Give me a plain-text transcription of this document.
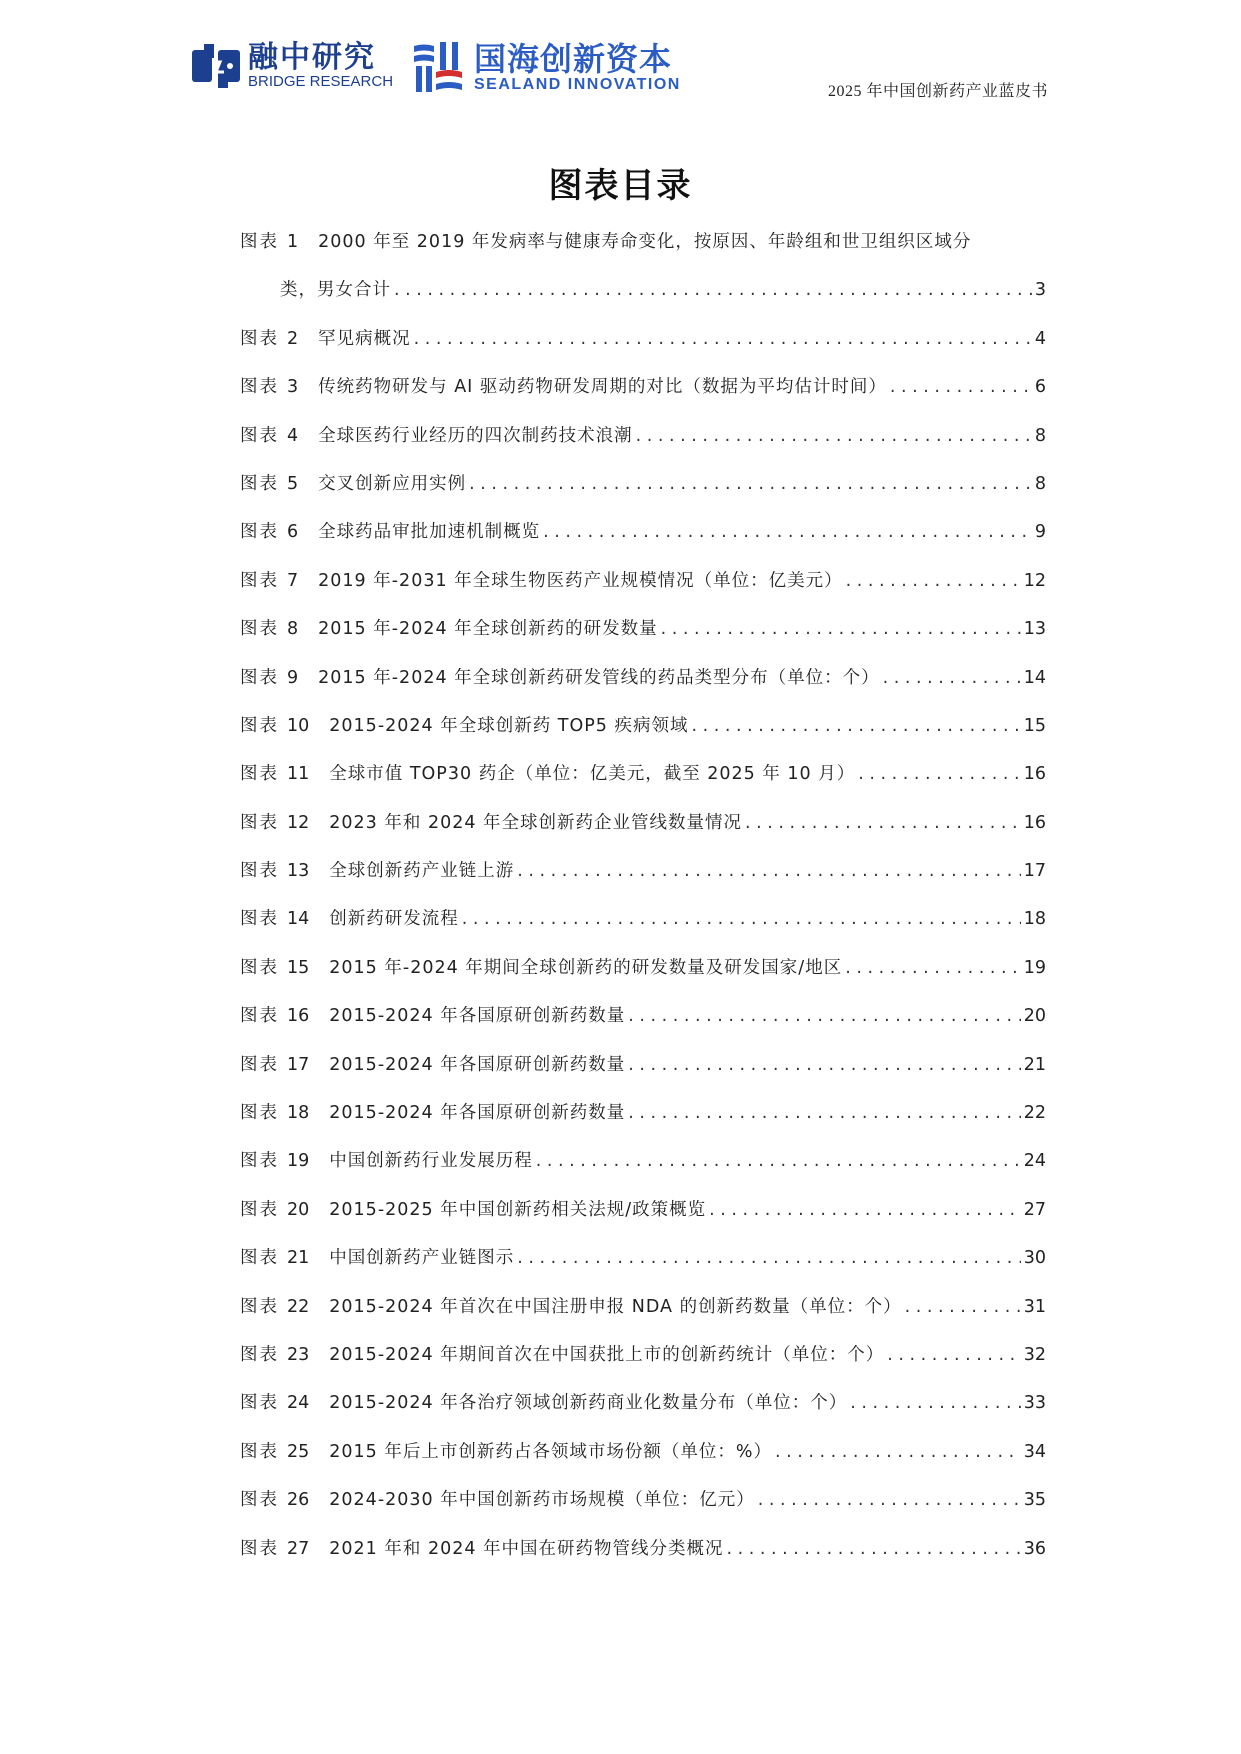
融中研究
BRIDGE RESEARCH
国海创新资本
SEALAND INNOVATION	2025 年中国创新药产业蓝皮书
图表目录
图表 1 2000 年至 2019 年发病率与健康寿命变化，按原因、年龄组和世卫组织区域分
类，男女合计 . . .	3
图表 2 罕见病概况 . . .	4
图表 3 传统药物研发与 AI 驱动药物研发周期的对比（数据为平均估计时间） . . .	6
图表 4 全球医药行业经历的四次制药技术浪潮 . . .	8
图表 5 交叉创新应用实例 . . .	8
图表 6 全球药品审批加速机制概览 . . .	9
图表 7 2019 年-2031 年全球生物医药产业规模情况（单位：亿美元） . . .	12
图表 8 2015 年-2024 年全球创新药的研发数量 . . .	13
图表 9 2015 年-2024 年全球创新药研发管线的药品类型分布（单位：个） . . .	14
图表 10 2015-2024 年全球创新药 TOP5 疾病领域 . . .	15
图表 11 全球市值 TOP30 药企（单位：亿美元，截至 2025 年 10 月） . . .	16
图表 12 2023 年和 2024 年全球创新药企业管线数量情况 . . .	16
图表 13 全球创新药产业链上游 . . .	17
图表 14 创新药研发流程 . . .	18
图表 15 2015 年-2024 年期间全球创新药的研发数量及研发国家/地区 . . .	19
图表 16 2015-2024 年各国原研创新药数量 . . .	20
图表 17 2015-2024 年各国原研创新药数量 . . .	21
图表 18 2015-2024 年各国原研创新药数量 . . .	22
图表 19 中国创新药行业发展历程 . . .	24
图表 20 2015-2025 年中国创新药相关法规/政策概览 . . .	27
图表 21 中国创新药产业链图示 . . .	30
图表 22 2015-2024 年首次在中国注册申报 NDA 的创新药数量（单位：个） . . .	31
图表 23 2015-2024 年期间首次在中国获批上市的创新药统计（单位：个） . . .	32
图表 24 2015-2024 年各治疗领域创新药商业化数量分布（单位：个） . . .	33
图表 25 2015 年后上市创新药占各领域市场份额（单位：%） . . .	34
图表 26 2024-2030 年中国创新药市场规模（单位：亿元） . . .	35
图表 27 2021 年和 2024 年中国在研药物管线分类概况 . . .	36
